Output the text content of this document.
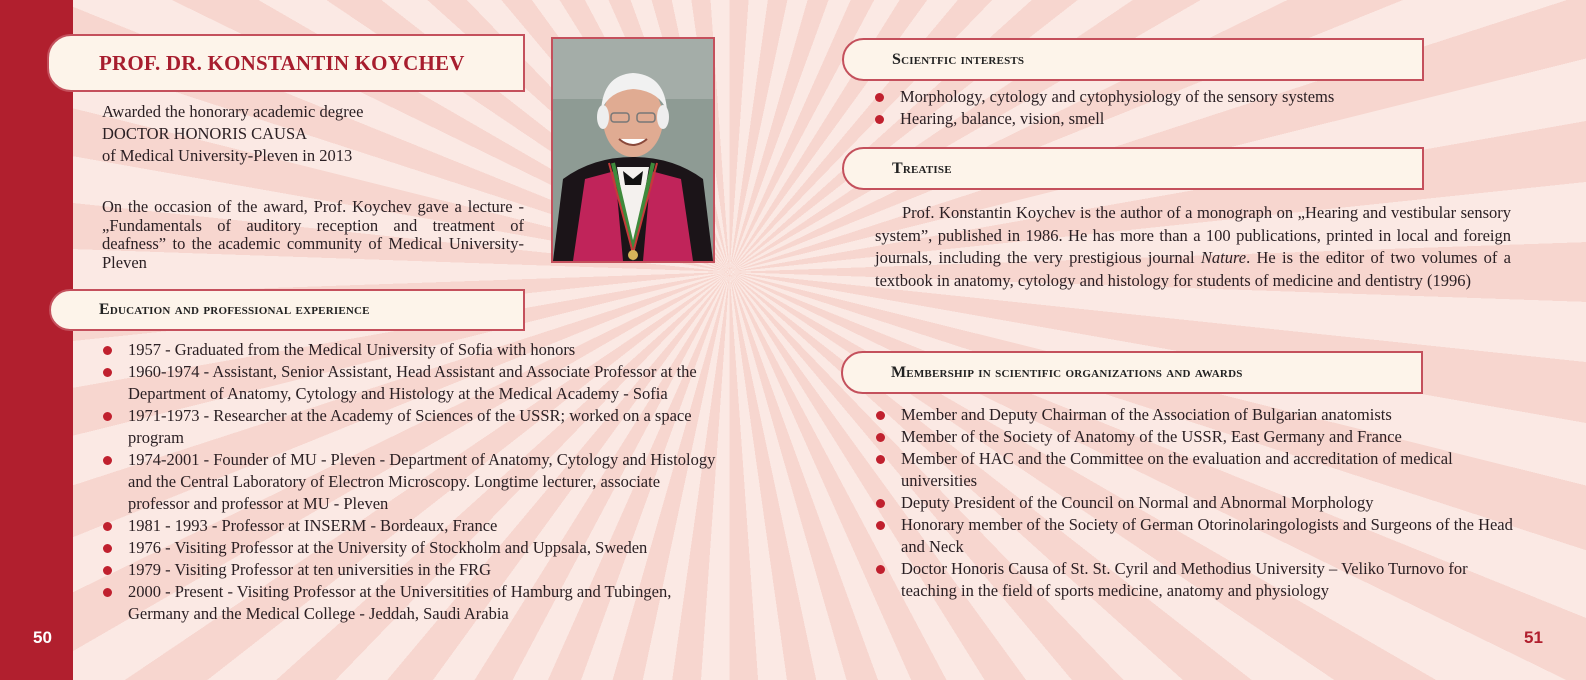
50	51
PROF. DR. KONSTANTIN KOYCHEV
Awarded the honorary academic degree
DOCTOR HONORIS CAUSA
of Medical University-Pleven in 2013
On the occasion of the award, Prof. Koychev gave a lecture - „Fundamentals of auditory reception and treatment of deafness” to the academic community of Medical University- Pleven
Education and professional experience
1957 - Graduated from the Medical University of Sofia with honors
1960-1974 - Assistant, Senior Assistant, Head Assistant and Associate Professor at the Department of Anatomy, Cytology and Histology at the Medical Academy - Sofia
1971-1973 - Researcher at the Academy of Sciences of the USSR; worked on a space program
1974-2001 - Founder of MU - Pleven - Department of Anatomy, Cytology and Histology and the Central Laboratory of Electron Microscopy. Longtime lecturer, associate professor and professor at MU - Pleven
1981 - 1993 - Professor at INSERM - Bordeaux, France
1976 - Visiting Professor at the University of Stockholm and Uppsala, Sweden
1979 - Visiting Professor at ten universities in the FRG
2000 - Present - Visiting Professor at the Universitities of Hamburg and Tubingen, Germany and the Medical College - Jeddah, Saudi Arabia
Scientfic interests
Morphology, cytology and cytophysiology of the sensory systems
Hearing, balance, vision, smell
Treatise
Prof. Konstantin Koychev is the author of a monograph on „Hearing and vestibular sensory system”, published in 1986. He has more than a 100 publications, printed in local and foreign journals, including the very prestigious journal Nature. He is the editor of two volumes of a textbook in anatomy, cytology and histology for students of medicine and dentistry (1996)
Membership in scientific organizations and awards
Member and Deputy Chairman of the Association of Bulgarian anatomists
Member of the Society of Anatomy of the USSR, East Germany and France
Member of HAC and the Committee on the evaluation and accreditation of medical universities
Deputy President of the Council on Normal and Abnormal Morphology
Honorary member of the Society of German Otorinolaringologists and Surgeons of the Head and Neck
Doctor Honoris Causa of St. St. Cyril and Methodius University – Veliko Turnovo for teaching in the field of sports medicine, anatomy and physiology
